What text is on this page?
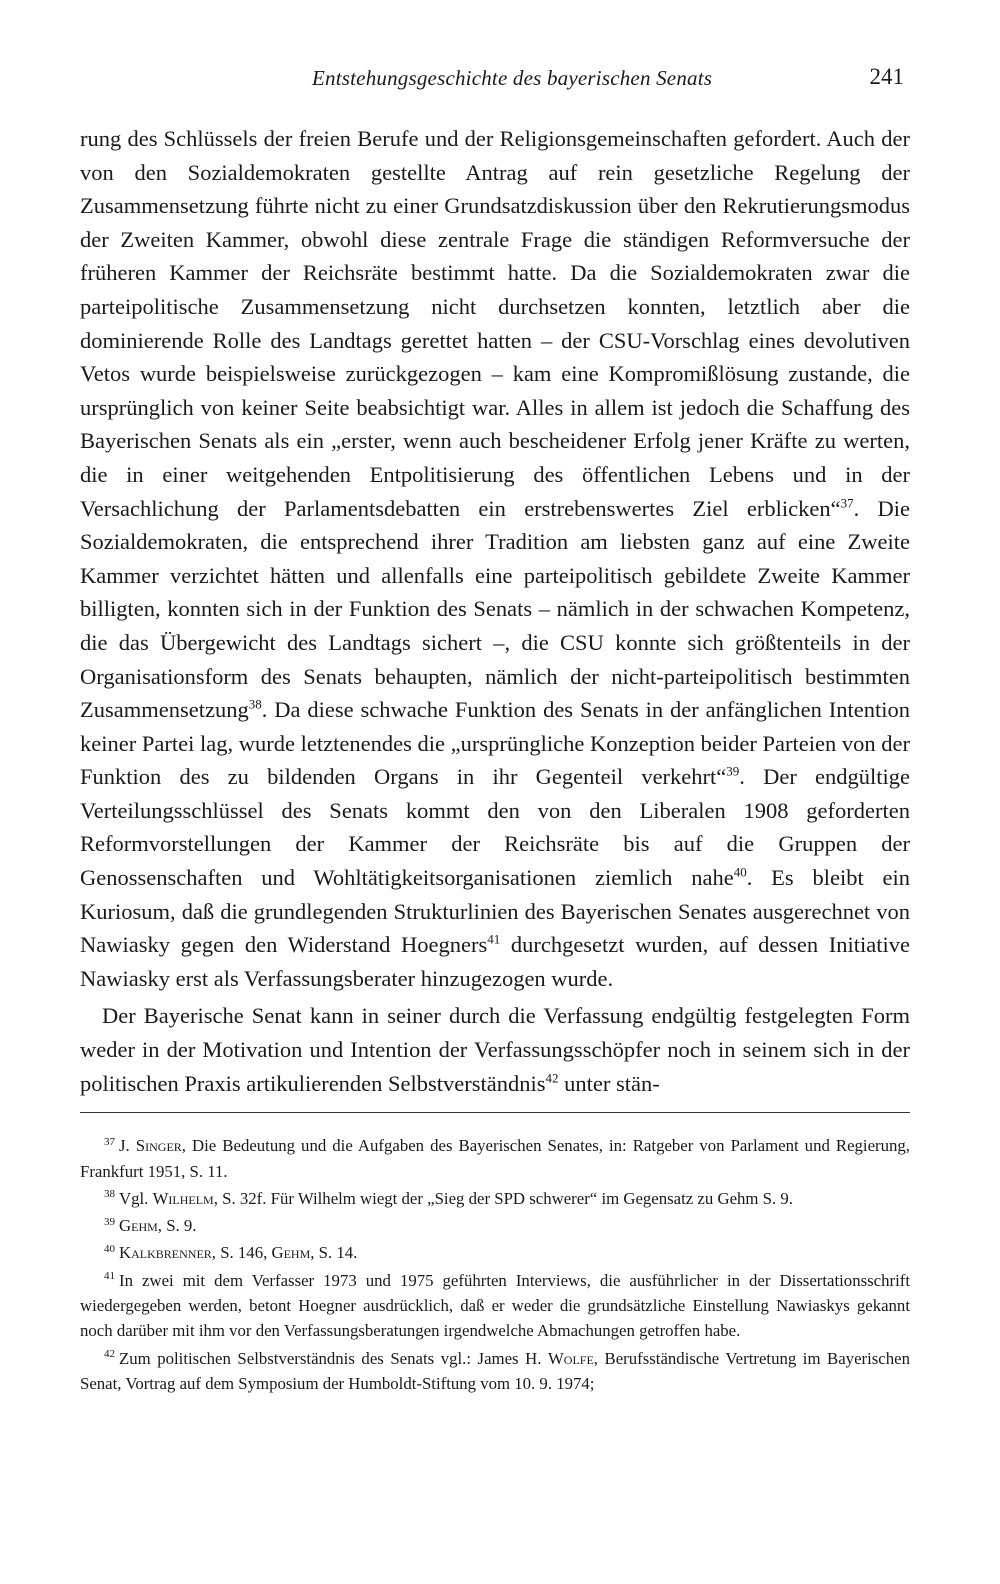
Entstehungsgeschichte des bayerischen Senats	241

rung des Schlüssels der freien Berufe und der Religionsgemeinschaften gefordert. Auch der von den Sozialdemokraten gestellte Antrag auf rein gesetzliche Regelung der Zusammensetzung führte nicht zu einer Grundsatzdiskussion über den Rekrutierungsmodus der Zweiten Kammer, obwohl diese zentrale Frage die ständigen Reformversuche der früheren Kammer der Reichsräte bestimmt hatte. Da die Sozialdemokraten zwar die parteipolitische Zusammensetzung nicht durchsetzen konnten, letztlich aber die dominierende Rolle des Landtags gerettet hatten – der CSU-Vorschlag eines devolutiven Vetos wurde beispielsweise zurückgezogen – kam eine Kompromißlösung zustande, die ursprünglich von keiner Seite beabsichtigt war. Alles in allem ist jedoch die Schaffung des Bayerischen Senats als ein „erster, wenn auch bescheidener Erfolg jener Kräfte zu werten, die in einer weitgehenden Entpolitisierung des öffentlichen Lebens und in der Versachlichung der Parlamentsdebatten ein erstrebenswertes Ziel erblicken“$^{37}$. Die Sozialdemokraten, die entsprechend ihrer Tradition am liebsten ganz auf eine Zweite Kammer verzichtet hätten und allenfalls eine parteipolitisch gebildete Zweite Kammer billigten, konnten sich in der Funktion des Senats – nämlich in der schwachen Kompetenz, die das Übergewicht des Landtags sichert –, die CSU konnte sich größtenteils in der Organisationsform des Senats behaupten, nämlich der nicht-parteipolitisch bestimmten Zusammensetzung$^{38}$. Da diese schwache Funktion des Senats in der anfänglichen Intention keiner Partei lag, wurde letztenendes die „ursprüngliche Konzeption beider Parteien von der Funktion des zu bildenden Organs in ihr Gegenteil verkehrt“$^{39}$. Der endgültige Verteilungsschlüssel des Senats kommt den von den Liberalen 1908 geforderten Reformvorstellungen der Kammer der Reichsräte bis auf die Gruppen der Genossenschaften und Wohltätigkeitsorganisationen ziemlich nahe$^{40}$. Es bleibt ein Kuriosum, daß die grundlegenden Strukturlinien des Bayerischen Senates ausgerechnet von Nawiasky gegen den Widerstand Hoegners$^{41}$ durchgesetzt wurden, auf dessen Initiative Nawiasky erst als Verfassungsberater hinzugezogen wurde.

Der Bayerische Senat kann in seiner durch die Verfassung endgültig festgelegten Form weder in der Motivation und Intention der Verfassungsschöpfer noch in seinem sich in der politischen Praxis artikulierenden Selbstverständnis$^{42}$ unter stän-

$^{37}$ J. Singer, Die Bedeutung und die Aufgaben des Bayerischen Senates, in: Ratgeber von Parlament und Regierung, Frankfurt 1951, S. 11.

$^{38}$ Vgl. Wilhelm, S. 32f. Für Wilhelm wiegt der „Sieg der SPD schwerer“ im Gegensatz zu Gehm S. 9.

$^{39}$ Gehm, S. 9.

$^{40}$ Kalkbrenner, S. 146, Gehm, S. 14.

$^{41}$ In zwei mit dem Verfasser 1973 und 1975 geführten Interviews, die ausführlicher in der Dissertationsschrift wiedergegeben werden, betont Hoegner ausdrücklich, daß er weder die grundsätzliche Einstellung Nawiaskys gekannt noch darüber mit ihm vor den Verfassungsberatungen irgendwelche Abmachungen getroffen habe.

$^{42}$ Zum politischen Selbstverständnis des Senats vgl.: James H. Wolfe, Berufsständische Vertretung im Bayerischen Senat, Vortrag auf dem Symposium der Humboldt-Stiftung vom 10. 9. 1974;
